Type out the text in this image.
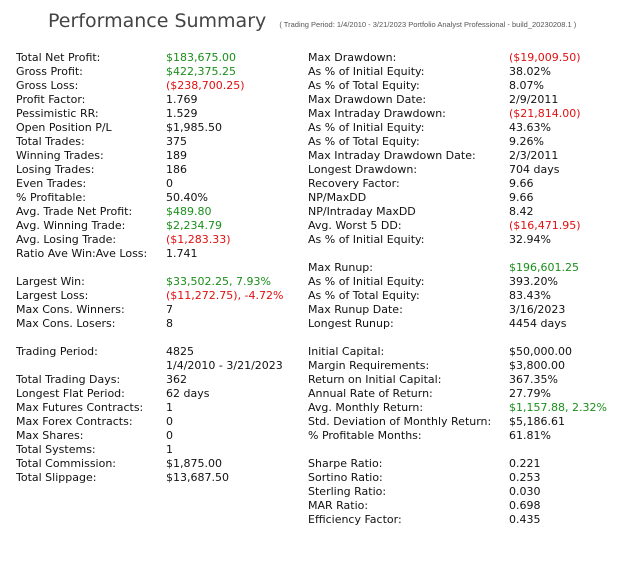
Performance Summary ( Trading Period: 1/4/2010 - 3/21/2023 Portfolio Analyst Professional - build_20230208.1 )
Total Net Profit:	$183,675.00
Gross Profit:	$422,375.25
Gross Loss:	($238,700.25)
Profit Factor:	1.769
Pessimistic RR:	1.529
Open Position P/L	$1,985.50
Total Trades:	375
Winning Trades:	189
Losing Trades:	186
Even Trades:	0
% Profitable:	50.40%
Avg. Trade Net Profit:	$489.80
Avg. Winning Trade:	$2,234.79
Avg. Losing Trade:	($1,283.33)
Ratio Ave Win:Ave Loss: 1.741
Largest Win:	$33,502.25, 7.93%
Largest Loss:	($11,272.75), -4.72%
Max Cons. Winners:	7
Max Cons. Losers:	8
Trading Period:	4825
1/4/2010 - 3/21/2023
Total Trading Days:	362
Longest Flat Period:	62 days
Max Futures Contracts: 1
Max Forex Contracts:	0
Max Shares:	0
Total Systems:	1
Total Commission:	$1,875.00
Total Slippage:	$13,687.50
Max Drawdown:	($19,009.50)
As % of Initial Equity:	38.02%
As % of Total Equity:	8.07%
Max Drawdown Date:	2/9/2011
Max Intraday Drawdown:	($21,814.00)
As % of Initial Equity:	43.63%
As % of Total Equity:	9.26%
Max Intraday Drawdown Date:	2/3/2011
Longest Drawdown:	704 days
Recovery Factor:	9.66
NP/MaxDD	9.66
NP/Intraday MaxDD	8.42
Avg. Worst 5 DD:	($16,471.95)
As % of Initial Equity:	32.94%
Max Runup:	$196,601.25
As % of Initial Equity:	393.20%
As % of Total Equity:	83.43%
Max Runup Date:	3/16/2023
Longest Runup:	4454 days
Initial Capital:	$50,000.00
Margin Requirements:	$3,800.00
Return on Initial Capital:	367.35%
Annual Rate of Return:	27.79%
Avg. Monthly Return:	$1,157.88, 2.32%
Std. Deviation of Monthly Return: $5,186.61
% Profitable Months:	61.81%
Sharpe Ratio:	0.221
Sortino Ratio:	0.253
Sterling Ratio:	0.030
MAR Ratio:	0.698
Efficiency Factor:	0.435
